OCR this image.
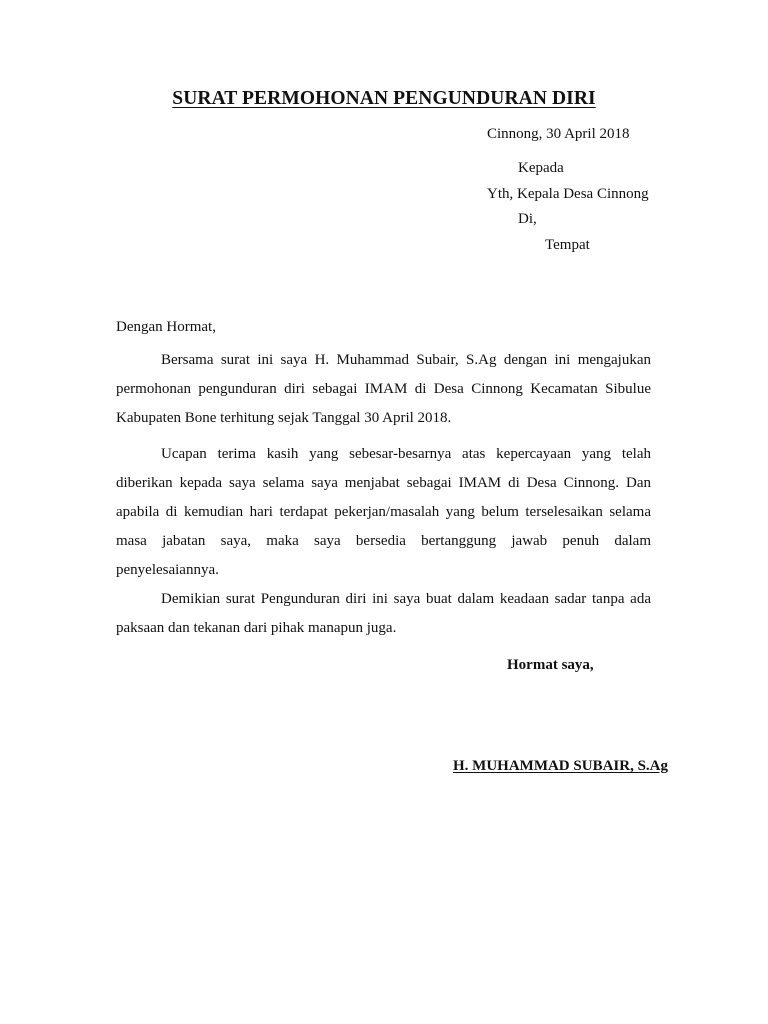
SURAT PERMOHONAN PENGUNDURAN DIRI
Cinnong, 30 April 2018
Kepada
Yth, Kepala Desa Cinnong
Di,
Tempat
Dengan Hormat,

Bersama surat ini saya H. Muhammad Subair, S.Ag dengan ini mengajukan permohonan pengunduran diri sebagai IMAM di Desa Cinnong Kecamatan Sibulue Kabupaten Bone terhitung sejak Tanggal 30 April 2018.

Ucapan terima kasih yang sebesar-besarnya atas kepercayaan yang telah diberikan kepada saya selama saya menjabat sebagai IMAM di Desa Cinnong. Dan apabila di kemudian hari terdapat pekerjan/masalah yang belum terselesaikan selama masa jabatan saya, maka saya bersedia bertanggung jawab penuh dalam penyelesaiannya.

Demikian surat Pengunduran diri ini saya buat dalam keadaan sadar tanpa ada paksaan dan tekanan dari pihak manapun juga.

Hormat saya,
H. MUHAMMAD SUBAIR, S.Ag
